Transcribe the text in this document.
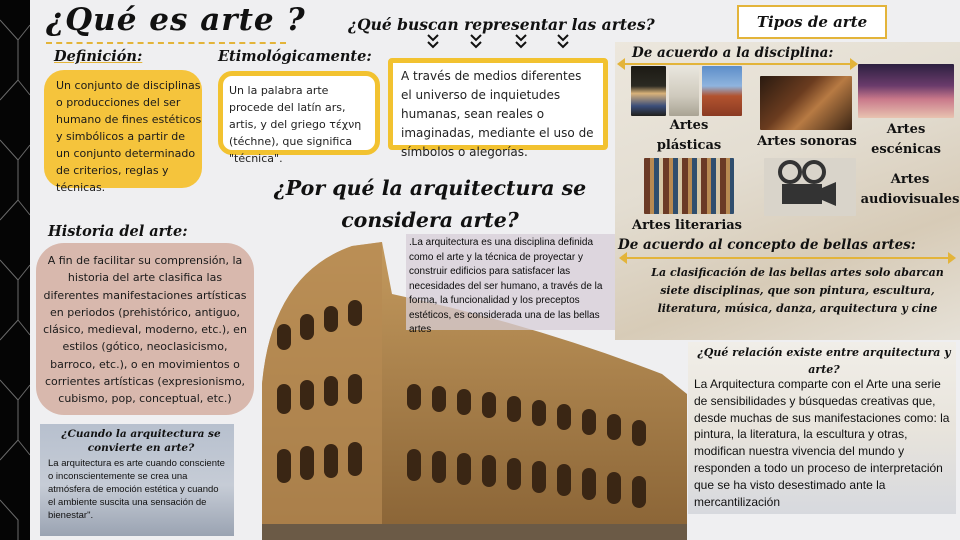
¿Qué es arte ?	¿Qué buscan representar las artes?	Tipos de arte
Definición:
Un conjunto de disciplinas o producciones del ser humano de fines estéticos y simbólicos a partir de un conjunto determinado de criterios, reglas y técnicas.
Etimológicamente:
Un la palabra arte procede del latín ars, artis, y del griego τέχνη (téchne), que significa "técnica".
A través de medios diferentes el universo de inquietudes humanas, sean reales o imaginadas, mediante el uso de símbolos o alegorías.
¿Por qué la arquitectura se considera arte?
.La arquitectura es una disciplina definida como el arte y la técnica de proyectar y construir edificios para satisfacer las necesidades del ser humano, a través de la forma, la funcionalidad y los preceptos estéticos, es considerada una de las bellas artes
Historia del arte:
A fin de facilitar su comprensión, la historia del arte clasifica las diferentes manifestaciones artísticas en periodos (prehistórico, antiguo, clásico, medieval, moderno, etc.), en estilos (gótico, neoclasicismo, barroco, etc.), o en movimientos o corrientes artísticas (expresionismo, cubismo, pop, conceptual, etc.)
¿Cuando la arquitectura se convierte en arte?
La arquitectura es arte cuando consciente o inconscientemente se crea una atmósfera de emoción estética y cuando el ambiente suscita una sensación de bienestar".
De acuerdo a la disciplina:
Artes plásticas	Artes sonoras
Artes escénicas
Artes audiovisuales
Artes literarias
De acuerdo al concepto de bellas artes:
La clasificación de las bellas artes solo abarcan siete disciplinas, que son pintura, escultura, literatura, música, danza, arquitectura y cine
¿Qué relación existe entre arquitectura y arte?
La Arquitectura comparte con el Arte una serie de sensibilidades y búsquedas creativas que, desde muchas de sus manifestaciones como: la pintura, la literatura, la escultura y otras, modifican nuestra vivencia del mundo y responden a todo un proceso de interpretación que se ha visto desestimado ante la mercantilización
